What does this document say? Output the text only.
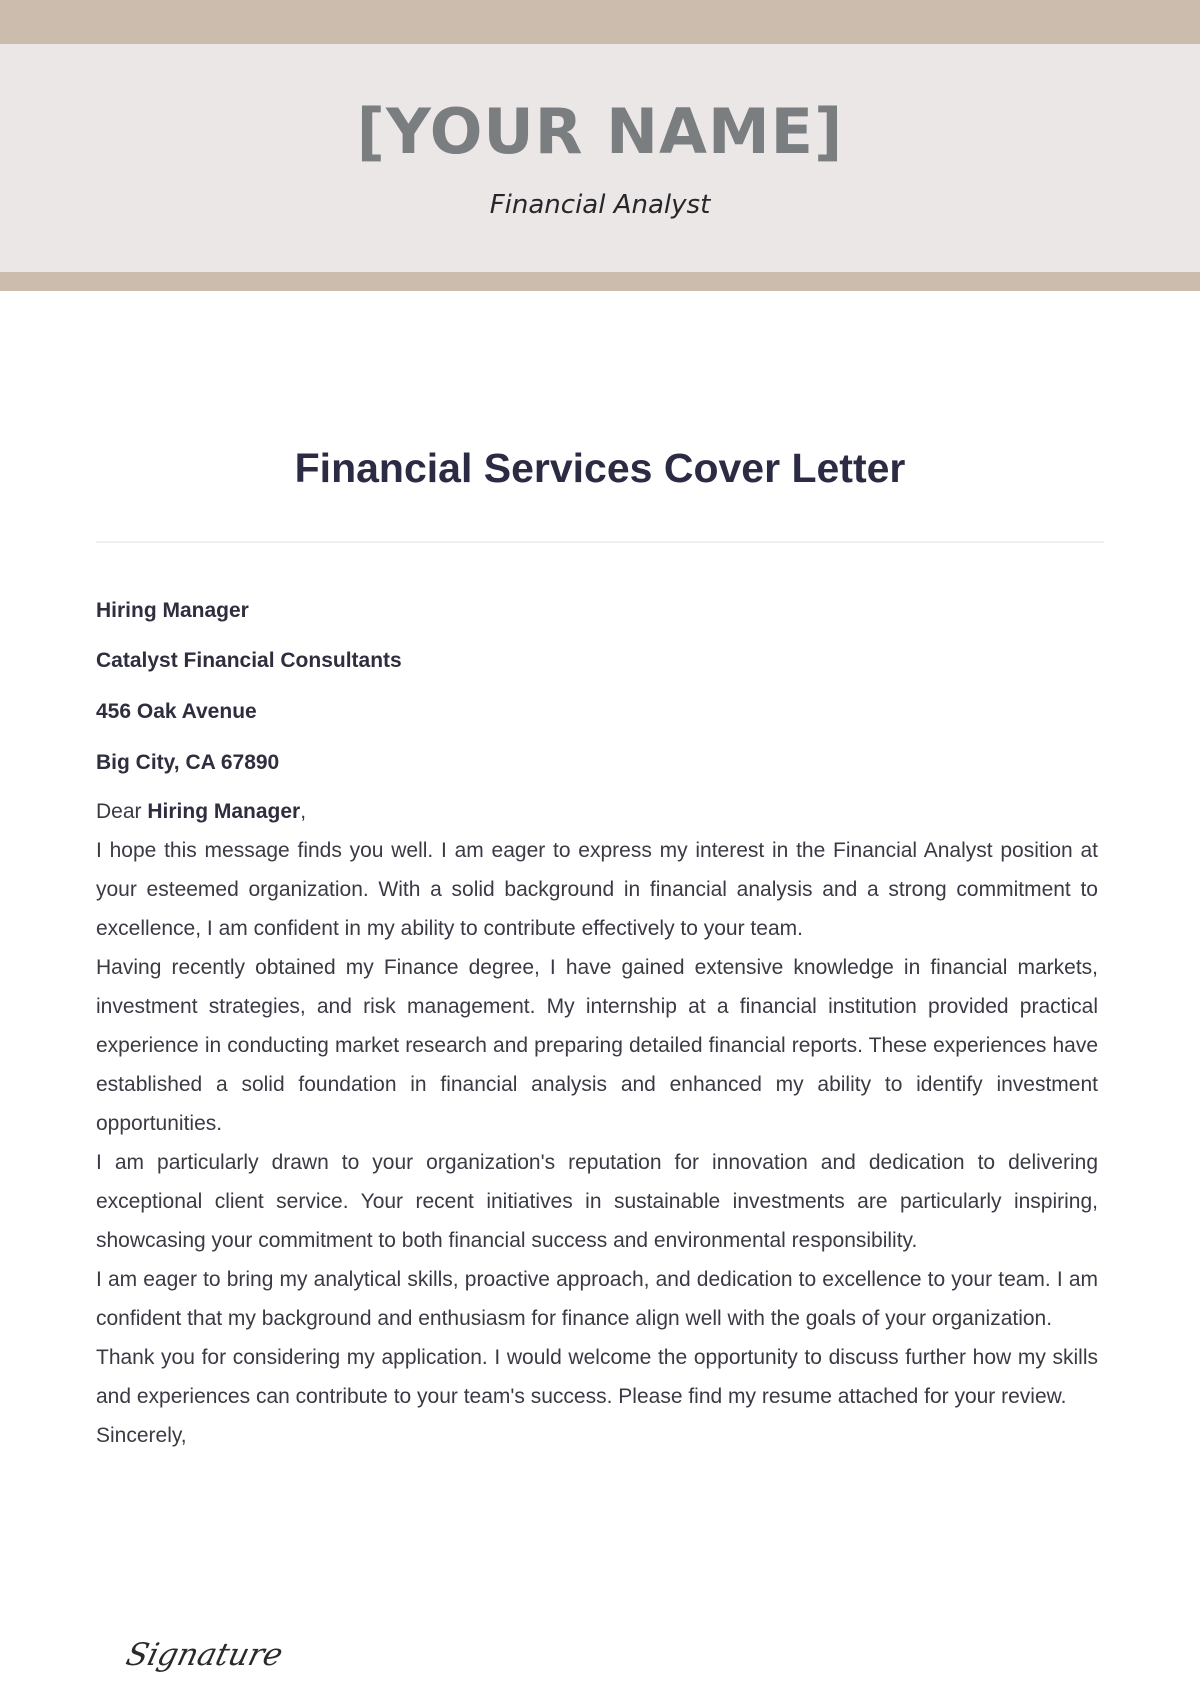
[YOUR NAME]
Financial Analyst
Financial Services Cover Letter
Hiring Manager
Catalyst Financial Consultants
456 Oak Avenue
Big City, CA 67890

Dear Hiring Manager,

I hope this message finds you well. I am eager to express my interest in the Financial Analyst position at your esteemed organization. With a solid background in financial analysis and a strong commitment to excellence, I am confident in my ability to contribute effectively to your team.

Having recently obtained my Finance degree, I have gained extensive knowledge in financial markets, investment strategies, and risk management. My internship at a financial institution provided practical experience in conducting market research and preparing detailed financial reports. These experiences have established a solid foundation in financial analysis and enhanced my ability to identify investment opportunities.

I am particularly drawn to your organization's reputation for innovation and dedication to delivering exceptional client service. Your recent initiatives in sustainable investments are particularly inspiring, showcasing your commitment to both financial success and environmental responsibility.

I am eager to bring my analytical skills, proactive approach, and dedication to excellence to your team. I am confident that my background and enthusiasm for finance align well with the goals of your organization.

Thank you for considering my application. I would welcome the opportunity to discuss further how my skills and experiences can contribute to your team's success. Please find my resume attached for your review.

Sincerely,

Signature
